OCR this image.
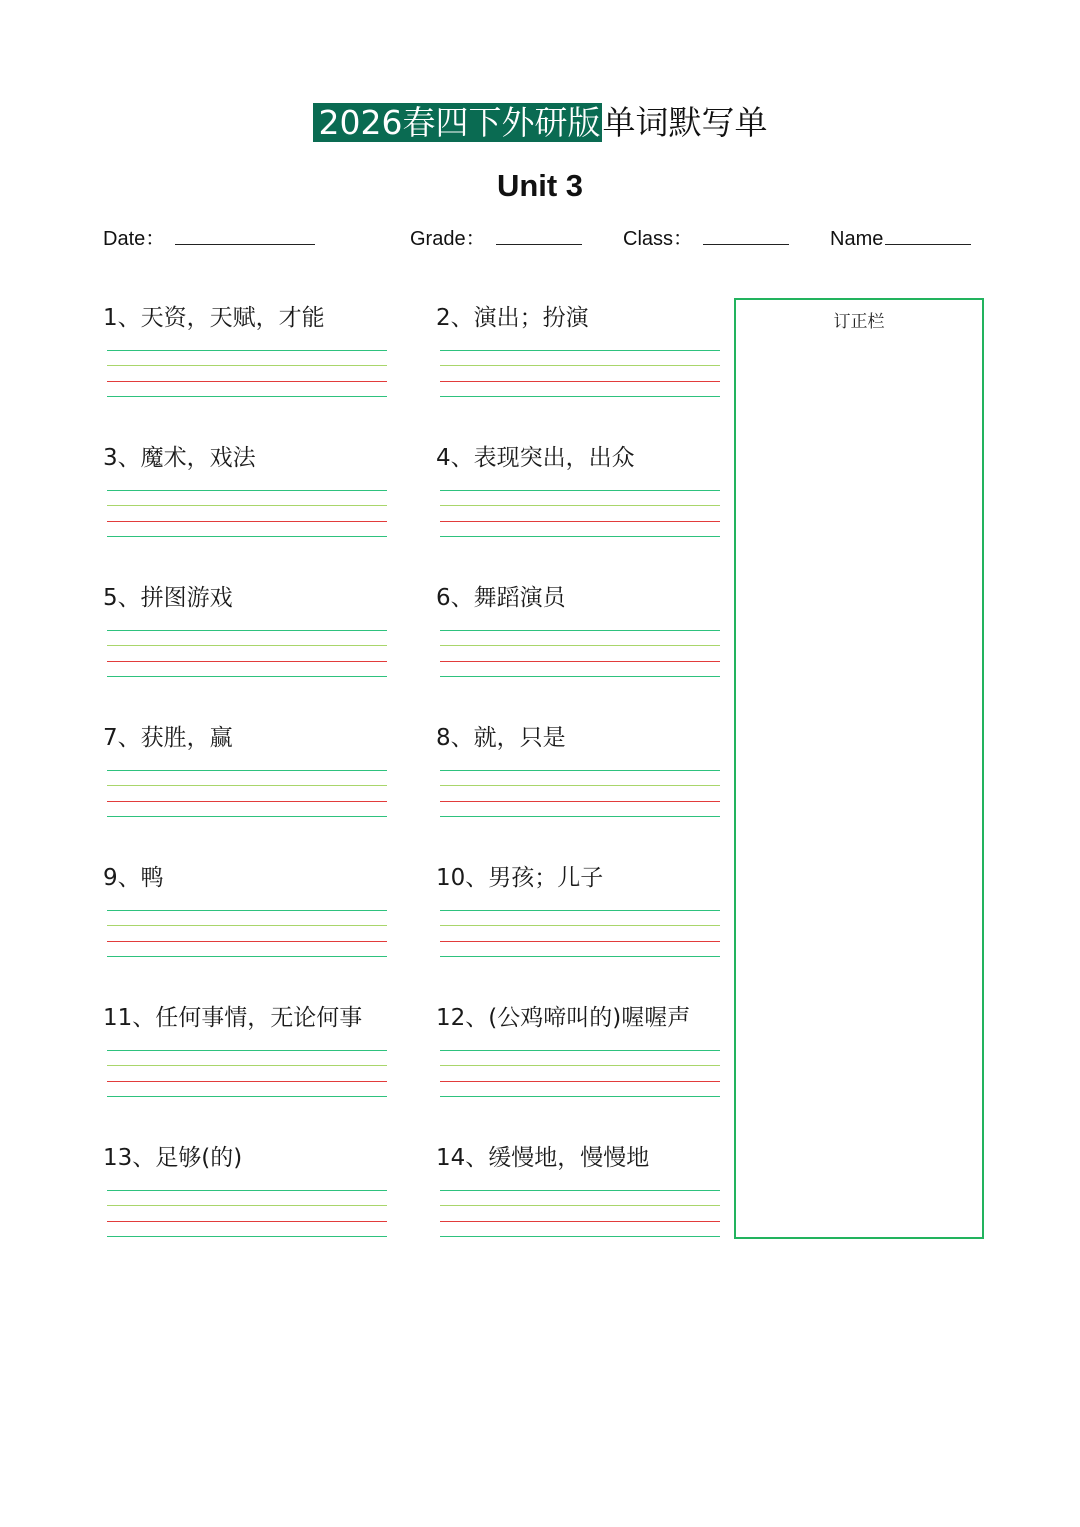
2026春四下外研版单词默写单
Unit 3
Date：	Grade：	Class：	Name
1、天资，天赋，才能	2、演出；扮演
3、魔术，戏法	4、表现突出，出众
5、拼图游戏	6、舞蹈演员
7、获胜，赢	8、就，只是
9、鸭	10、男孩；儿子
11、任何事情，无论何事	12、(公鸡啼叫的)喔喔声
13、足够(的)	14、缓慢地，慢慢地
订正栏
